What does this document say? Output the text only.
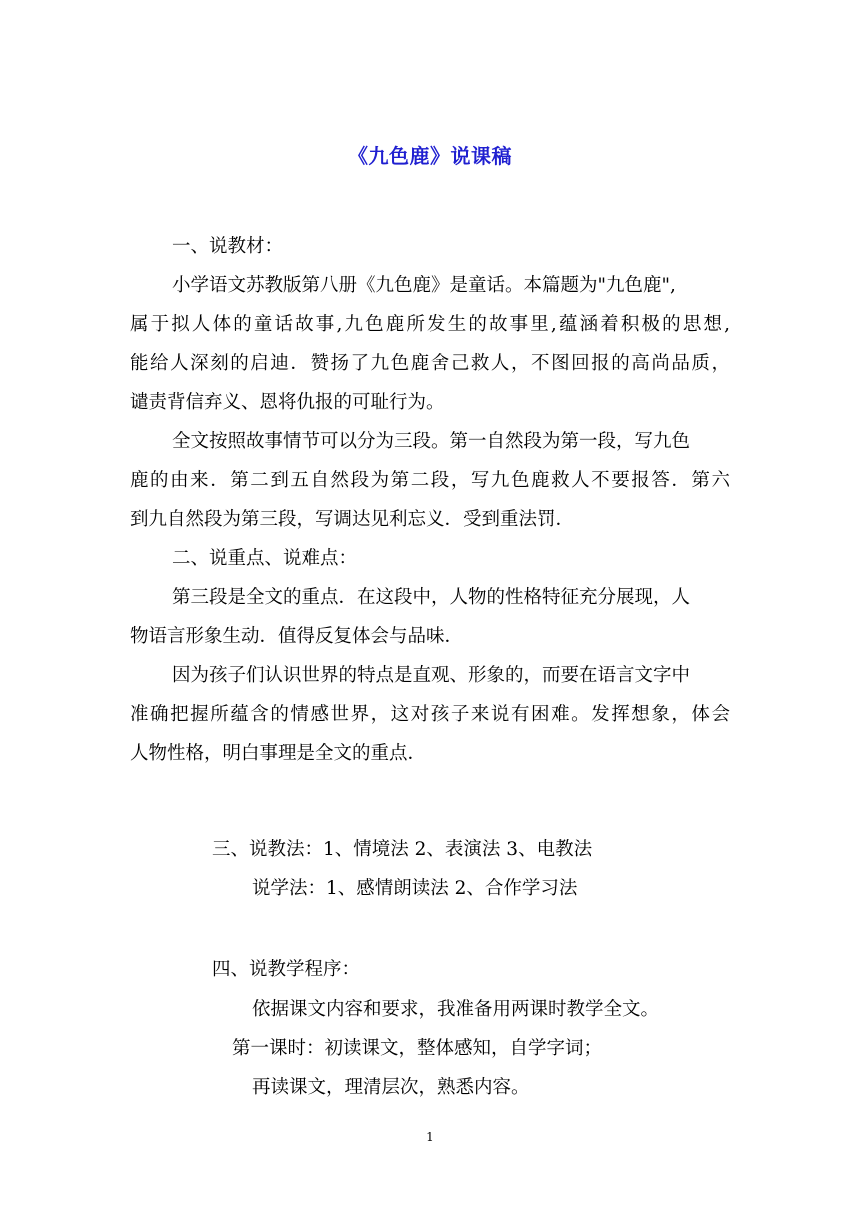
《九色鹿》说课稿
一、说教材：
小学语文苏教版第八册《九色鹿》是童话。本篇题为"九色鹿",
属于拟人体的童话故事,九色鹿所发生的故事里,蕴涵着积极的思想,
能给人深刻的启迪．赞扬了九色鹿舍己救人，不图回报的高尚品质，
谴责背信弃义、恩将仇报的可耻行为。
全文按照故事情节可以分为三段。第一自然段为第一段，写九色
鹿的由来．第二到五自然段为第二段，写九色鹿救人不要报答．第六
到九自然段为第三段，写调达见利忘义．受到重法罚．
二、说重点、说难点：
第三段是全文的重点．在这段中，人物的性格特征充分展现，人
物语言形象生动．值得反复体会与品味．
因为孩子们认识世界的特点是直观、形象的，而要在语言文字中
准确把握所蕴含的情感世界，这对孩子来说有困难。发挥想象，体会
人物性格，明白事理是全文的重点．
三、说教法：1、情境法 2、表演法 3、电教法
说学法：1、感情朗读法 2、合作学习法
四、说教学程序：
依据课文内容和要求，我准备用两课时教学全文。
第一课时：初读课文，整体感知，自学字词；
再读课文，理清层次，熟悉内容。
1
